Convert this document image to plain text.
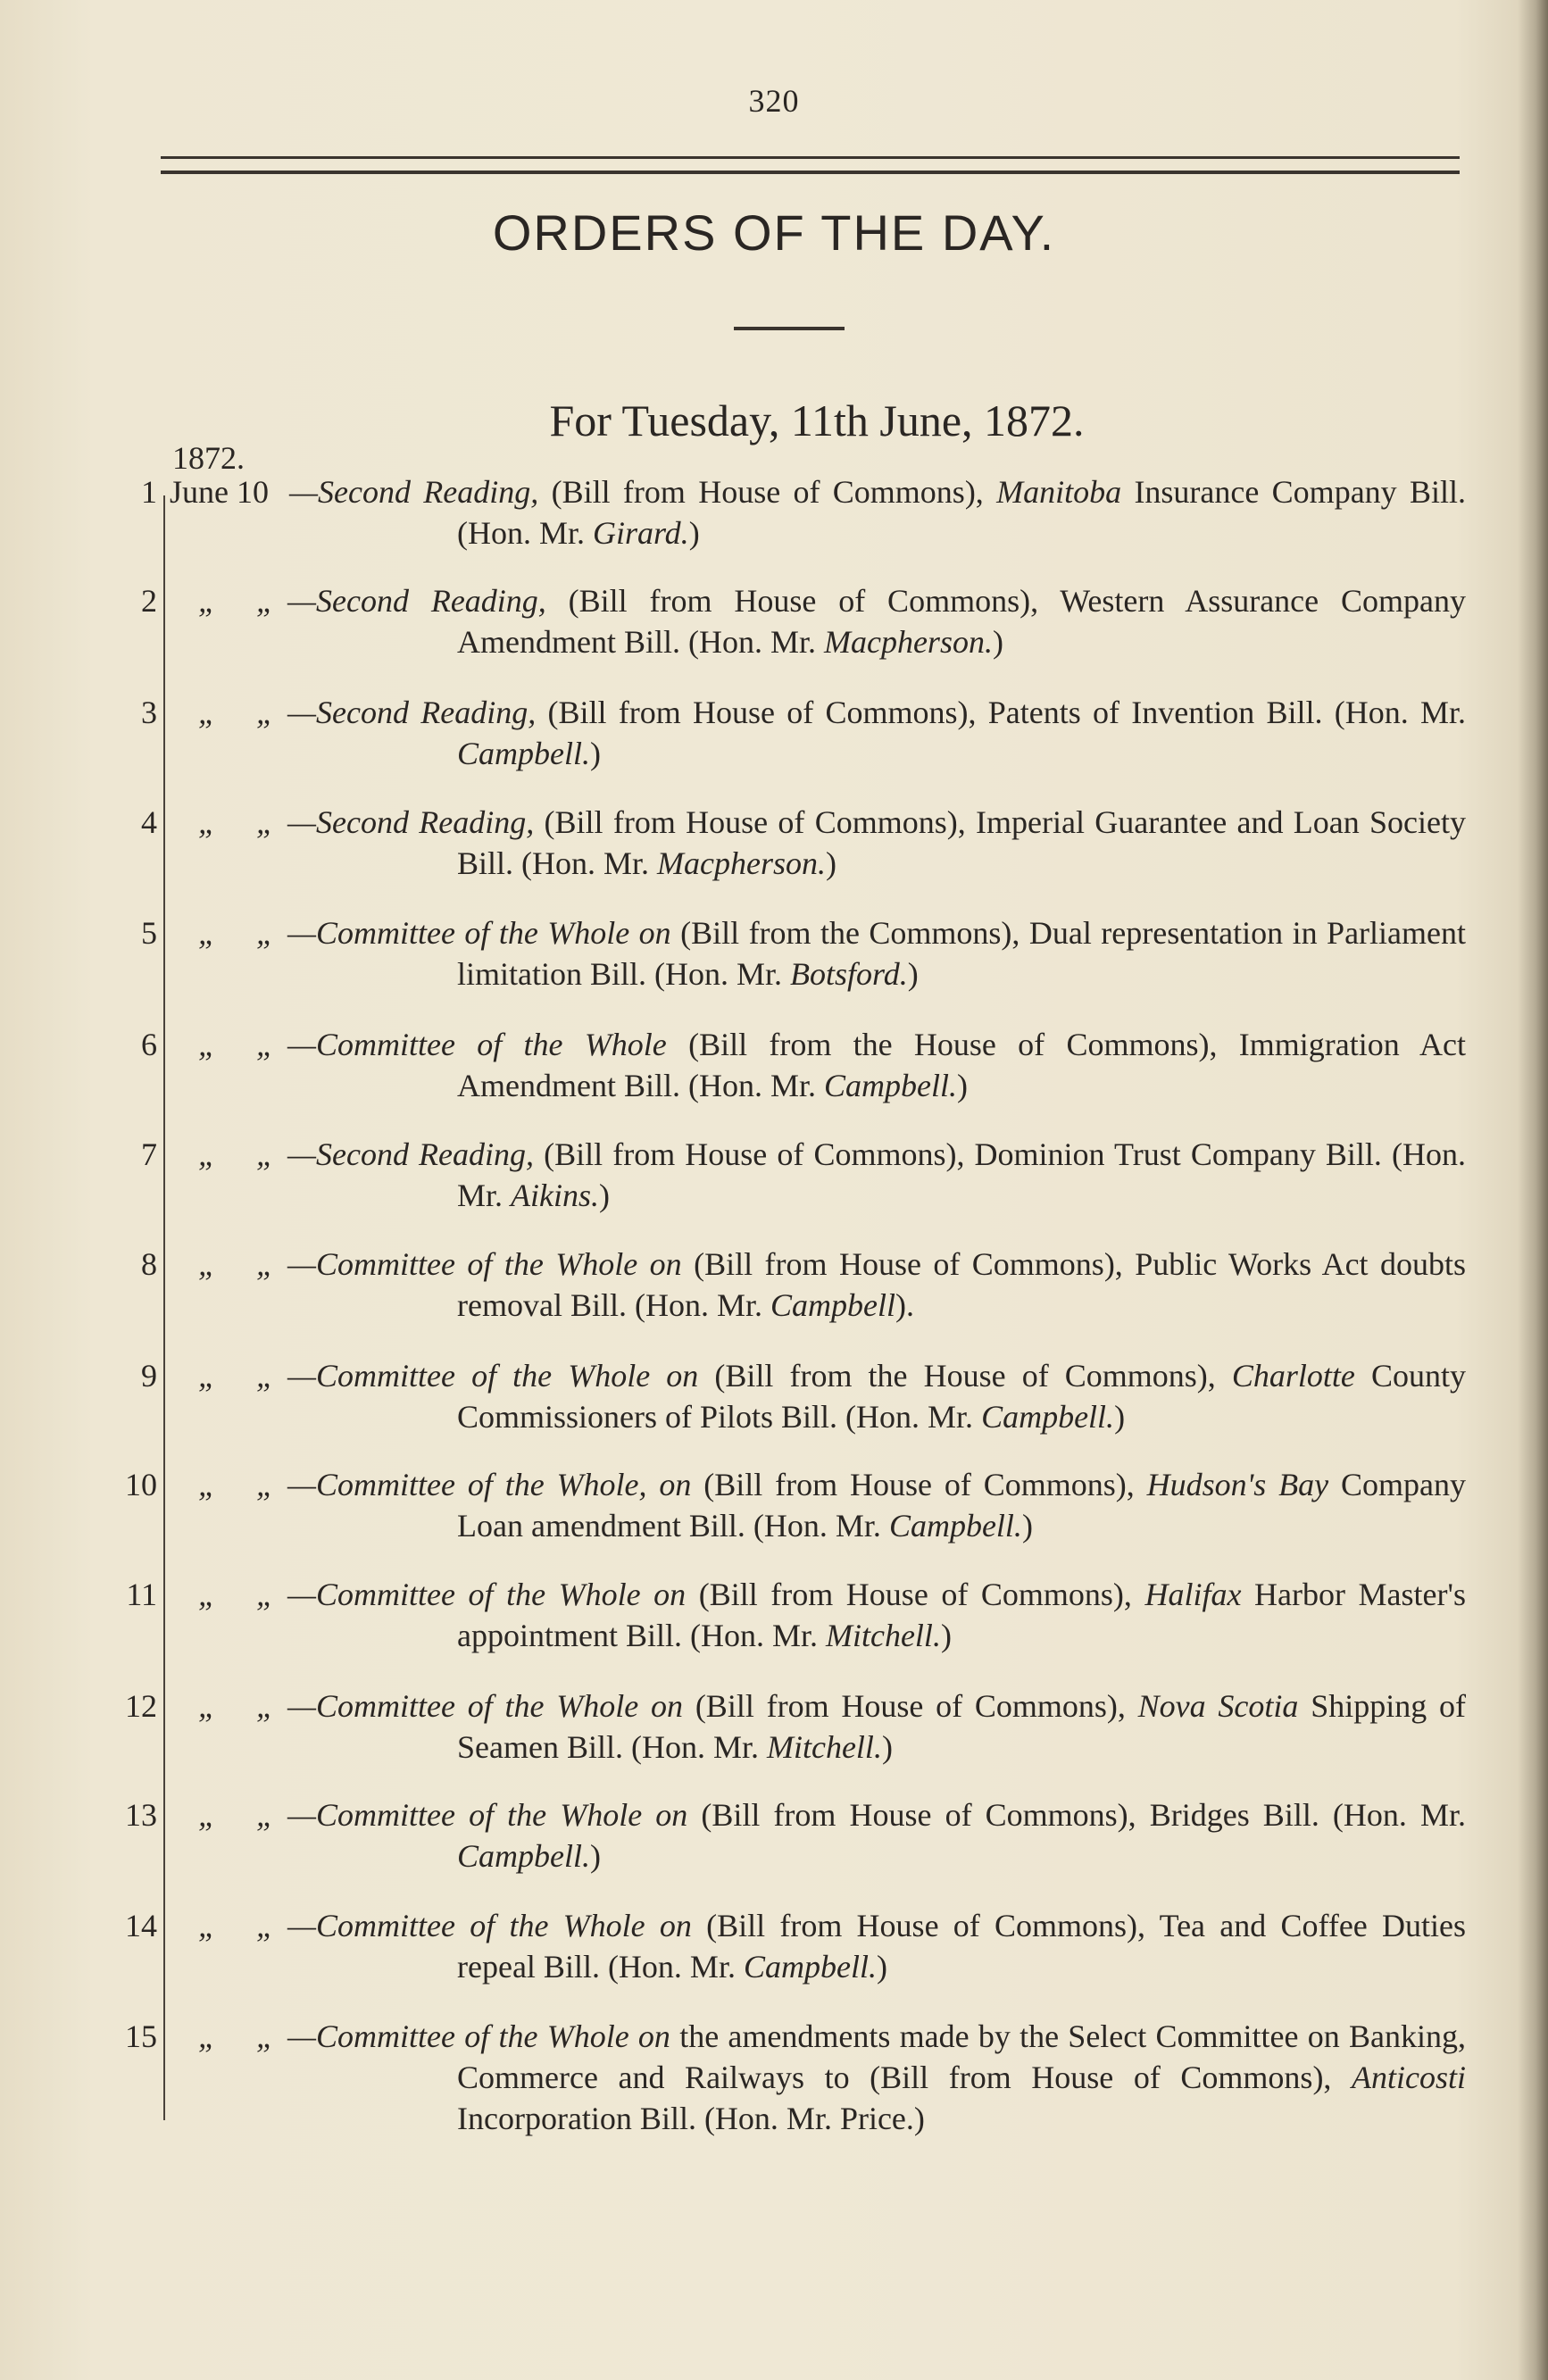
320
ORDERS OF THE DAY.
For Tuesday, 11th June, 1872.
1872.
1 June 10 —Second Reading, (Bill from House of Commons), Manitoba Insurance Company Bill. (Hon. Mr. Girard.)
2 „ „
—Second Reading, (Bill from House of Commons), Western Assurance Company Amendment Bill. (Hon. Mr. Macpherson.)
3 „ „
—Second Reading, (Bill from House of Commons), Patents of Invention Bill. (Hon. Mr. Campbell.)
4 „ „
—Second Reading, (Bill from House of Commons), Imperial Guarantee and Loan Society Bill. (Hon. Mr. Macpherson.)
5 „ „
—Committee of the Whole on (Bill from the Commons), Dual representation in Parliament limitation Bill. (Hon. Mr. Botsford.)
6 „ „
—Committee of the Whole (Bill from the House of Commons), Immigration Act Amendment Bill. (Hon. Mr. Campbell.)
7 „ „
—Second Reading, (Bill from House of Commons), Dominion Trust Company Bill. (Hon. Mr. Aikins.)
8 „ „
—Committee of the Whole on (Bill from House of Commons), Public Works Act doubts removal Bill. (Hon. Mr. Campbell).
9 „ „
—Committee of the Whole on (Bill from the House of Commons), Charlotte County Commissioners of Pilots Bill. (Hon. Mr. Campbell.)
10 „ „
—Committee of the Whole, on (Bill from House of Commons), Hudson's Bay Company Loan amendment Bill. (Hon. Mr. Campbell.)
11 „ „
—Committee of the Whole on (Bill from House of Commons), Halifax Harbor Master's appointment Bill. (Hon. Mr. Mitchell.)
12 „ „
—Committee of the Whole on (Bill from House of Commons), Nova Scotia Shipping of Seamen Bill. (Hon. Mr. Mitchell.)
13 „ „
—Committee of the Whole on (Bill from House of Commons), Bridges Bill. (Hon. Mr. Campbell.)
14 „ „
—Committee of the Whole on (Bill from House of Commons), Tea and Coffee Duties repeal Bill. (Hon. Mr. Campbell.)
15 „ „
—Committee of the Whole on the amendments made by the Select Committee on Banking, Commerce and Railways to (Bill from House of Commons), Anticosti Incorporation Bill. (Hon. Mr. Price.)
